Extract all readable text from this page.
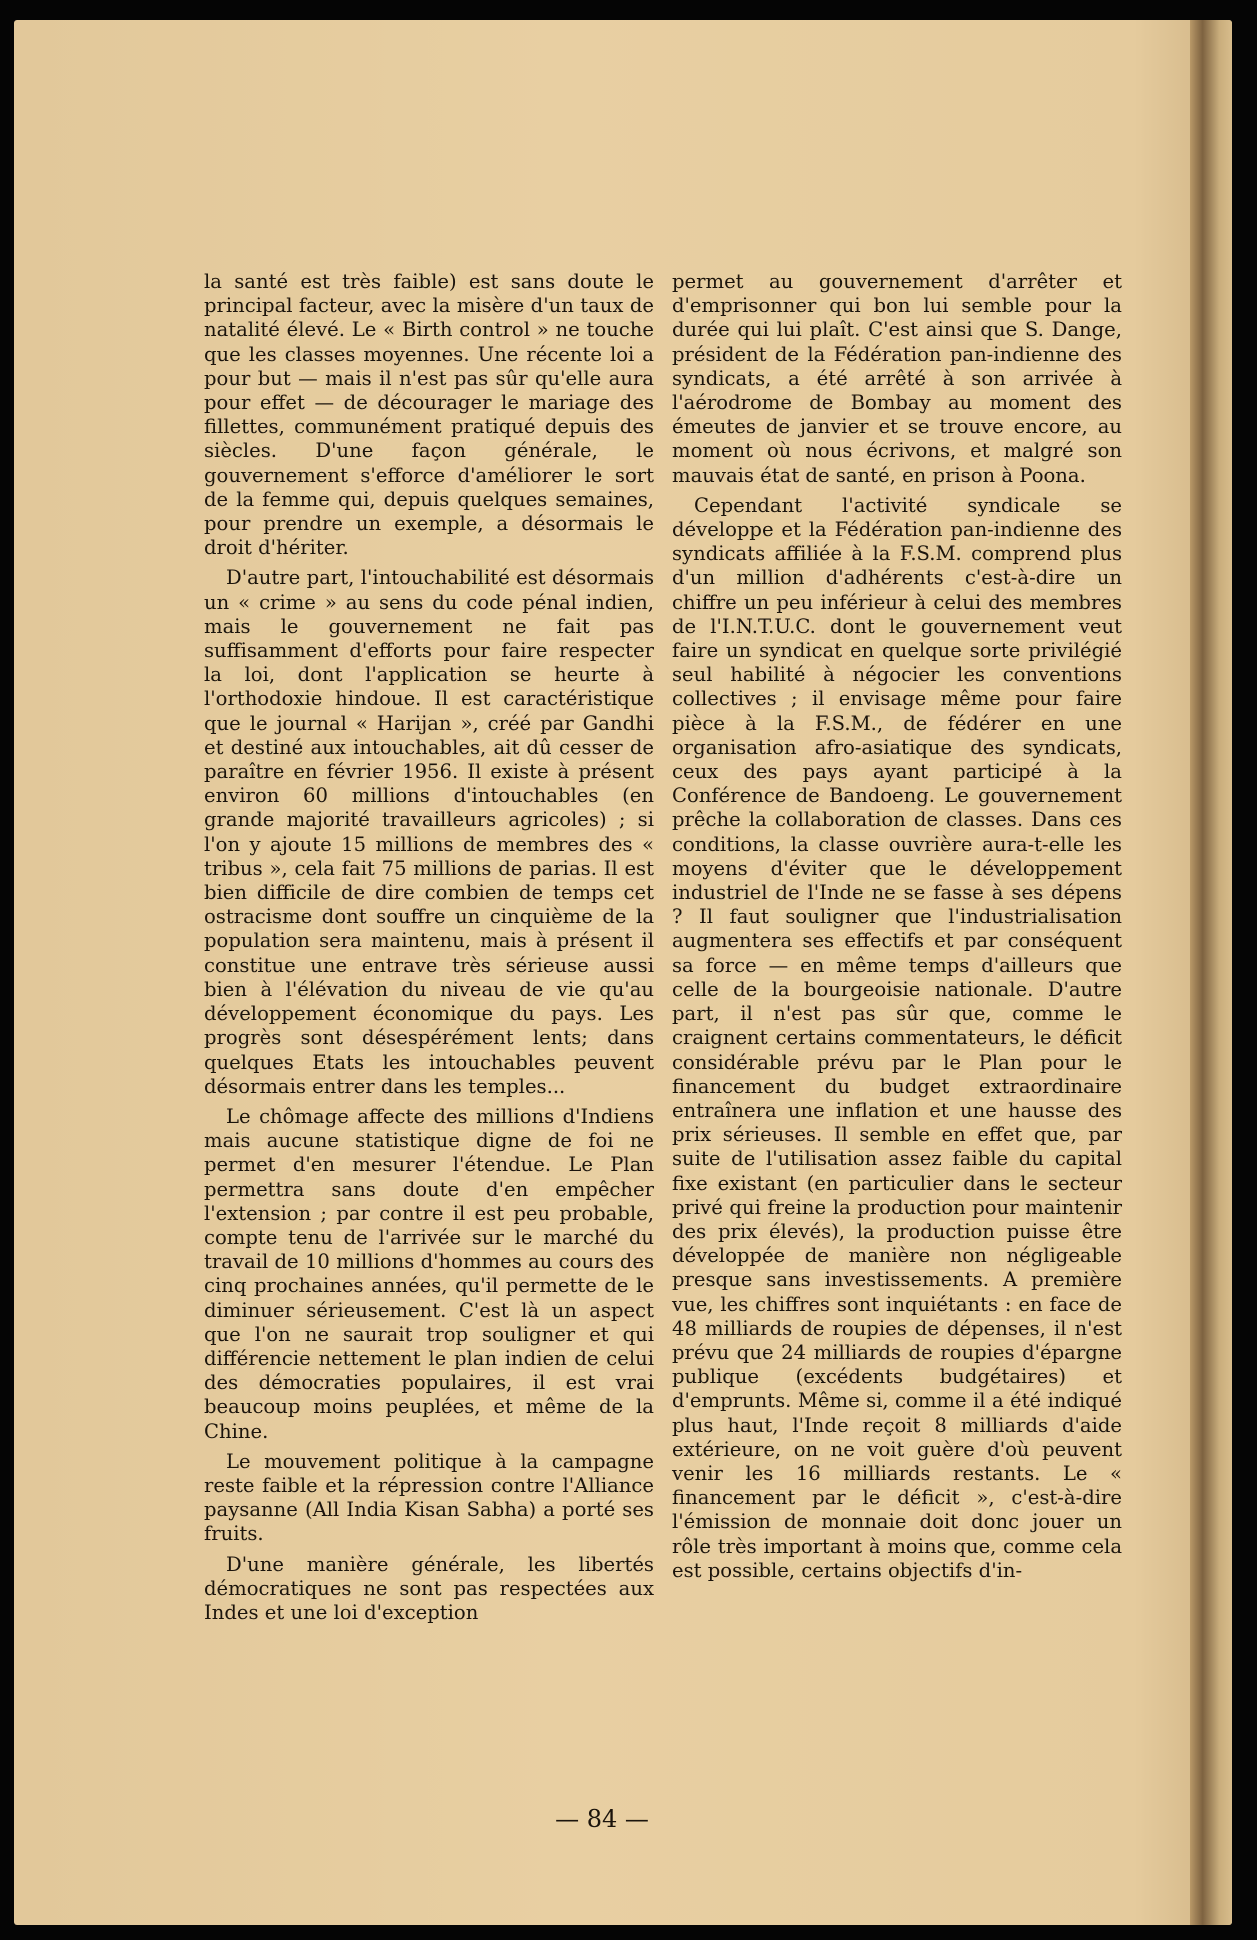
la santé est très faible) est sans doute le principal facteur, avec la misère d'un taux de natalité élevé. Le « Birth control » ne touche que les classes moyennes. Une récente loi a pour but — mais il n'est pas sûr qu'elle aura pour effet — de décourager le mariage des fillettes, communément pratiqué depuis des siècles. D'une façon générale, le gouvernement s'efforce d'améliorer le sort de la femme qui, depuis quelques semaines, pour prendre un exemple, a désormais le droit d'hériter.

D'autre part, l'intouchabilité est désormais un « crime » au sens du code pénal indien, mais le gouvernement ne fait pas suffisamment d'efforts pour faire respecter la loi, dont l'application se heurte à l'orthodoxie hindoue. Il est caractéristique que le journal « Harijan », créé par Gandhi et destiné aux intouchables, ait dû cesser de paraître en février 1956. Il existe à présent environ 60 millions d'intouchables (en grande majorité travailleurs agricoles) ; si l'on y ajoute 15 millions de membres des « tribus », cela fait 75 millions de parias. Il est bien difficile de dire combien de temps cet ostracisme dont souffre un cinquième de la population sera maintenu, mais à présent il constitue une entrave très sérieuse aussi bien à l'élévation du niveau de vie qu'au développement économique du pays. Les progrès sont désespérément lents; dans quelques Etats les intouchables peuvent désormais entrer dans les temples...

Le chômage affecte des millions d'Indiens mais aucune statistique digne de foi ne permet d'en mesurer l'étendue. Le Plan permettra sans doute d'en empêcher l'extension ; par contre il est peu probable, compte tenu de l'arrivée sur le marché du travail de 10 millions d'hommes au cours des cinq prochaines années, qu'il permette de le diminuer sérieusement. C'est là un aspect que l'on ne saurait trop souligner et qui différencie nettement le plan indien de celui des démocraties populaires, il est vrai beaucoup moins peuplées, et même de la Chine.

Le mouvement politique à la campagne reste faible et la répression contre l'Alliance paysanne (All India Kisan Sabha) a porté ses fruits.

D'une manière générale, les libertés démocratiques ne sont pas respectées aux Indes et une loi d'exception

permet au gouvernement d'arrêter et d'emprisonner qui bon lui semble pour la durée qui lui plaît. C'est ainsi que S. Dange, président de la Fédération pan-indienne des syndicats, a été arrêté à son arrivée à l'aérodrome de Bombay au moment des émeutes de janvier et se trouve encore, au moment où nous écrivons, et malgré son mauvais état de santé, en prison à Poona.

Cependant l'activité syndicale se développe et la Fédération pan-indienne des syndicats affiliée à la F.S.M. comprend plus d'un million d'adhérents c'est-à-dire un chiffre un peu inférieur à celui des membres de l'I.N.T.U.C. dont le gouvernement veut faire un syndicat en quelque sorte privilégié seul habilité à négocier les conventions collectives ; il envisage même pour faire pièce à la F.S.M., de fédérer en une organisation afro-asiatique des syndicats, ceux des pays ayant participé à la Conférence de Bandoeng. Le gouvernement prêche la collaboration de classes. Dans ces conditions, la classe ouvrière aura-t-elle les moyens d'éviter que le développement industriel de l'Inde ne se fasse à ses dépens ? Il faut souligner que l'industrialisation augmentera ses effectifs et par conséquent sa force — en même temps d'ailleurs que celle de la bourgeoisie nationale. D'autre part, il n'est pas sûr que, comme le craignent certains commentateurs, le déficit considérable prévu par le Plan pour le financement du budget extraordinaire entraînera une inflation et une hausse des prix sérieuses. Il semble en effet que, par suite de l'utilisation assez faible du capital fixe existant (en particulier dans le secteur privé qui freine la production pour maintenir des prix élevés), la production puisse être développée de manière non négligeable presque sans investissements. A première vue, les chiffres sont inquiétants : en face de 48 milliards de roupies de dépenses, il n'est prévu que 24 milliards de roupies d'épargne publique (excédents budgétaires) et d'emprunts. Même si, comme il a été indiqué plus haut, l'Inde reçoit 8 milliards d'aide extérieure, on ne voit guère d'où peuvent venir les 16 milliards restants. Le « financement par le déficit », c'est-à-dire l'émission de monnaie doit donc jouer un rôle très important à moins que, comme cela est possible, certains objectifs d'in-

— 84 —
